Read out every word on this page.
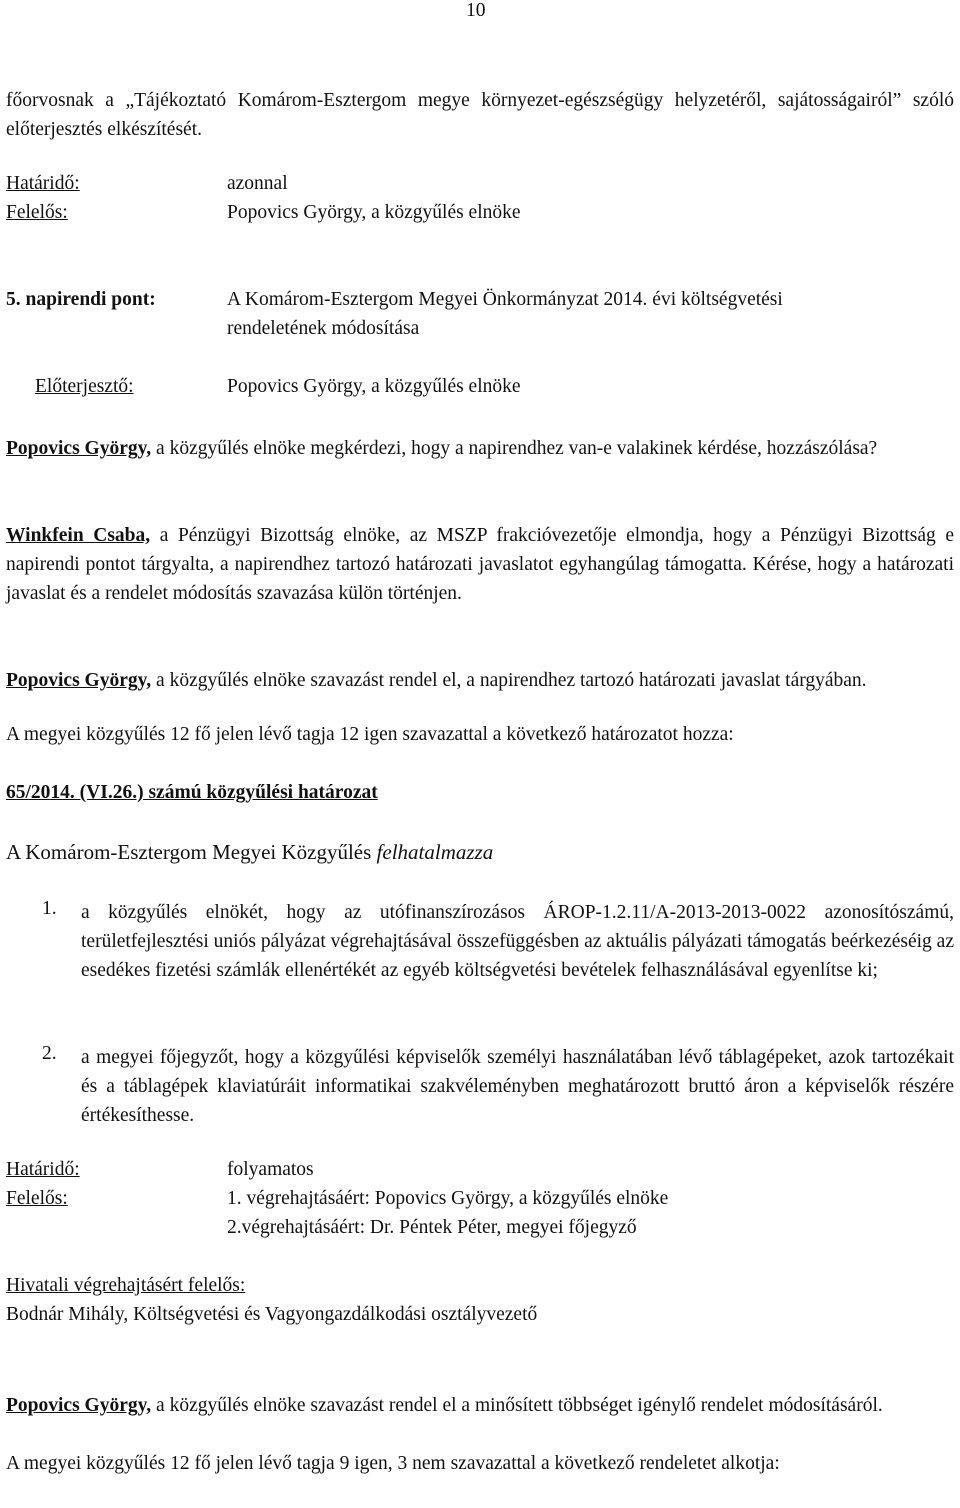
10
főorvosnak a „Tájékoztató Komárom-Esztergom megye környezet-egészségügy helyzetéről, sajátosságairól” szóló előterjesztés elkészítését.
Határidő:	azonnal
Felelős:	Popovics György, a közgyűlés elnöke
5. napirendi pont:	A Komárom-Esztergom Megyei Önkormányzat 2014. évi költségvetési
rendeletének módosítása
Előterjesztő:	Popovics György, a közgyűlés elnöke
Popovics György, a közgyűlés elnöke megkérdezi, hogy a napirendhez van-e valakinek kérdése, hozzászólása?
Winkfein Csaba, a Pénzügyi Bizottság elnöke, az MSZP frakcióvezetője elmondja, hogy a Pénzügyi Bizottság e napirendi pontot tárgyalta, a napirendhez tartozó határozati javaslatot egyhangúlag támogatta. Kérése, hogy a határozati javaslat és a rendelet módosítás szavazása külön történjen.
Popovics György, a közgyűlés elnöke szavazást rendel el, a napirendhez tartozó határozati javaslat tárgyában.
A megyei közgyűlés 12 fő jelen lévő tagja 12 igen szavazattal a következő határozatot hozza:
65/2014. (VI.26.) számú közgyűlési határozat
A Komárom-Esztergom Megyei Közgyűlés felhatalmazza
1. a közgyűlés elnökét, hogy az utófinanszírozásos ÁROP-1.2.11/A-2013-2013-0022 azonosítószámú, területfejlesztési uniós pályázat végrehajtásával összefüggésben az aktuális pályázati támogatás beérkezéséig az esedékes fizetési számlák ellenértékét az egyéb költségvetési bevételek felhasználásával egyenlítse ki;
2. a megyei főjegyzőt, hogy a közgyűlési képviselők személyi használatában lévő táblagépeket, azok tartozékait és a táblagépek klaviatúráit informatikai szakvéleményben meghatározott bruttó áron a képviselők részére értékesíthesse.
Határidő:	folyamatos
Felelős:	1. végrehajtásáért: Popovics György, a közgyűlés elnöke
2.végrehajtásáért: Dr. Péntek Péter, megyei főjegyző
Hivatali végrehajtásért felelős:
Bodnár Mihály, Költségvetési és Vagyongazdálkodási osztályvezető
Popovics György, a közgyűlés elnöke szavazást rendel el a minősített többséget igénylő rendelet módosításáról.
A megyei közgyűlés 12 fő jelen lévő tagja 9 igen, 3 nem szavazattal a következő rendeletet alkotja:
